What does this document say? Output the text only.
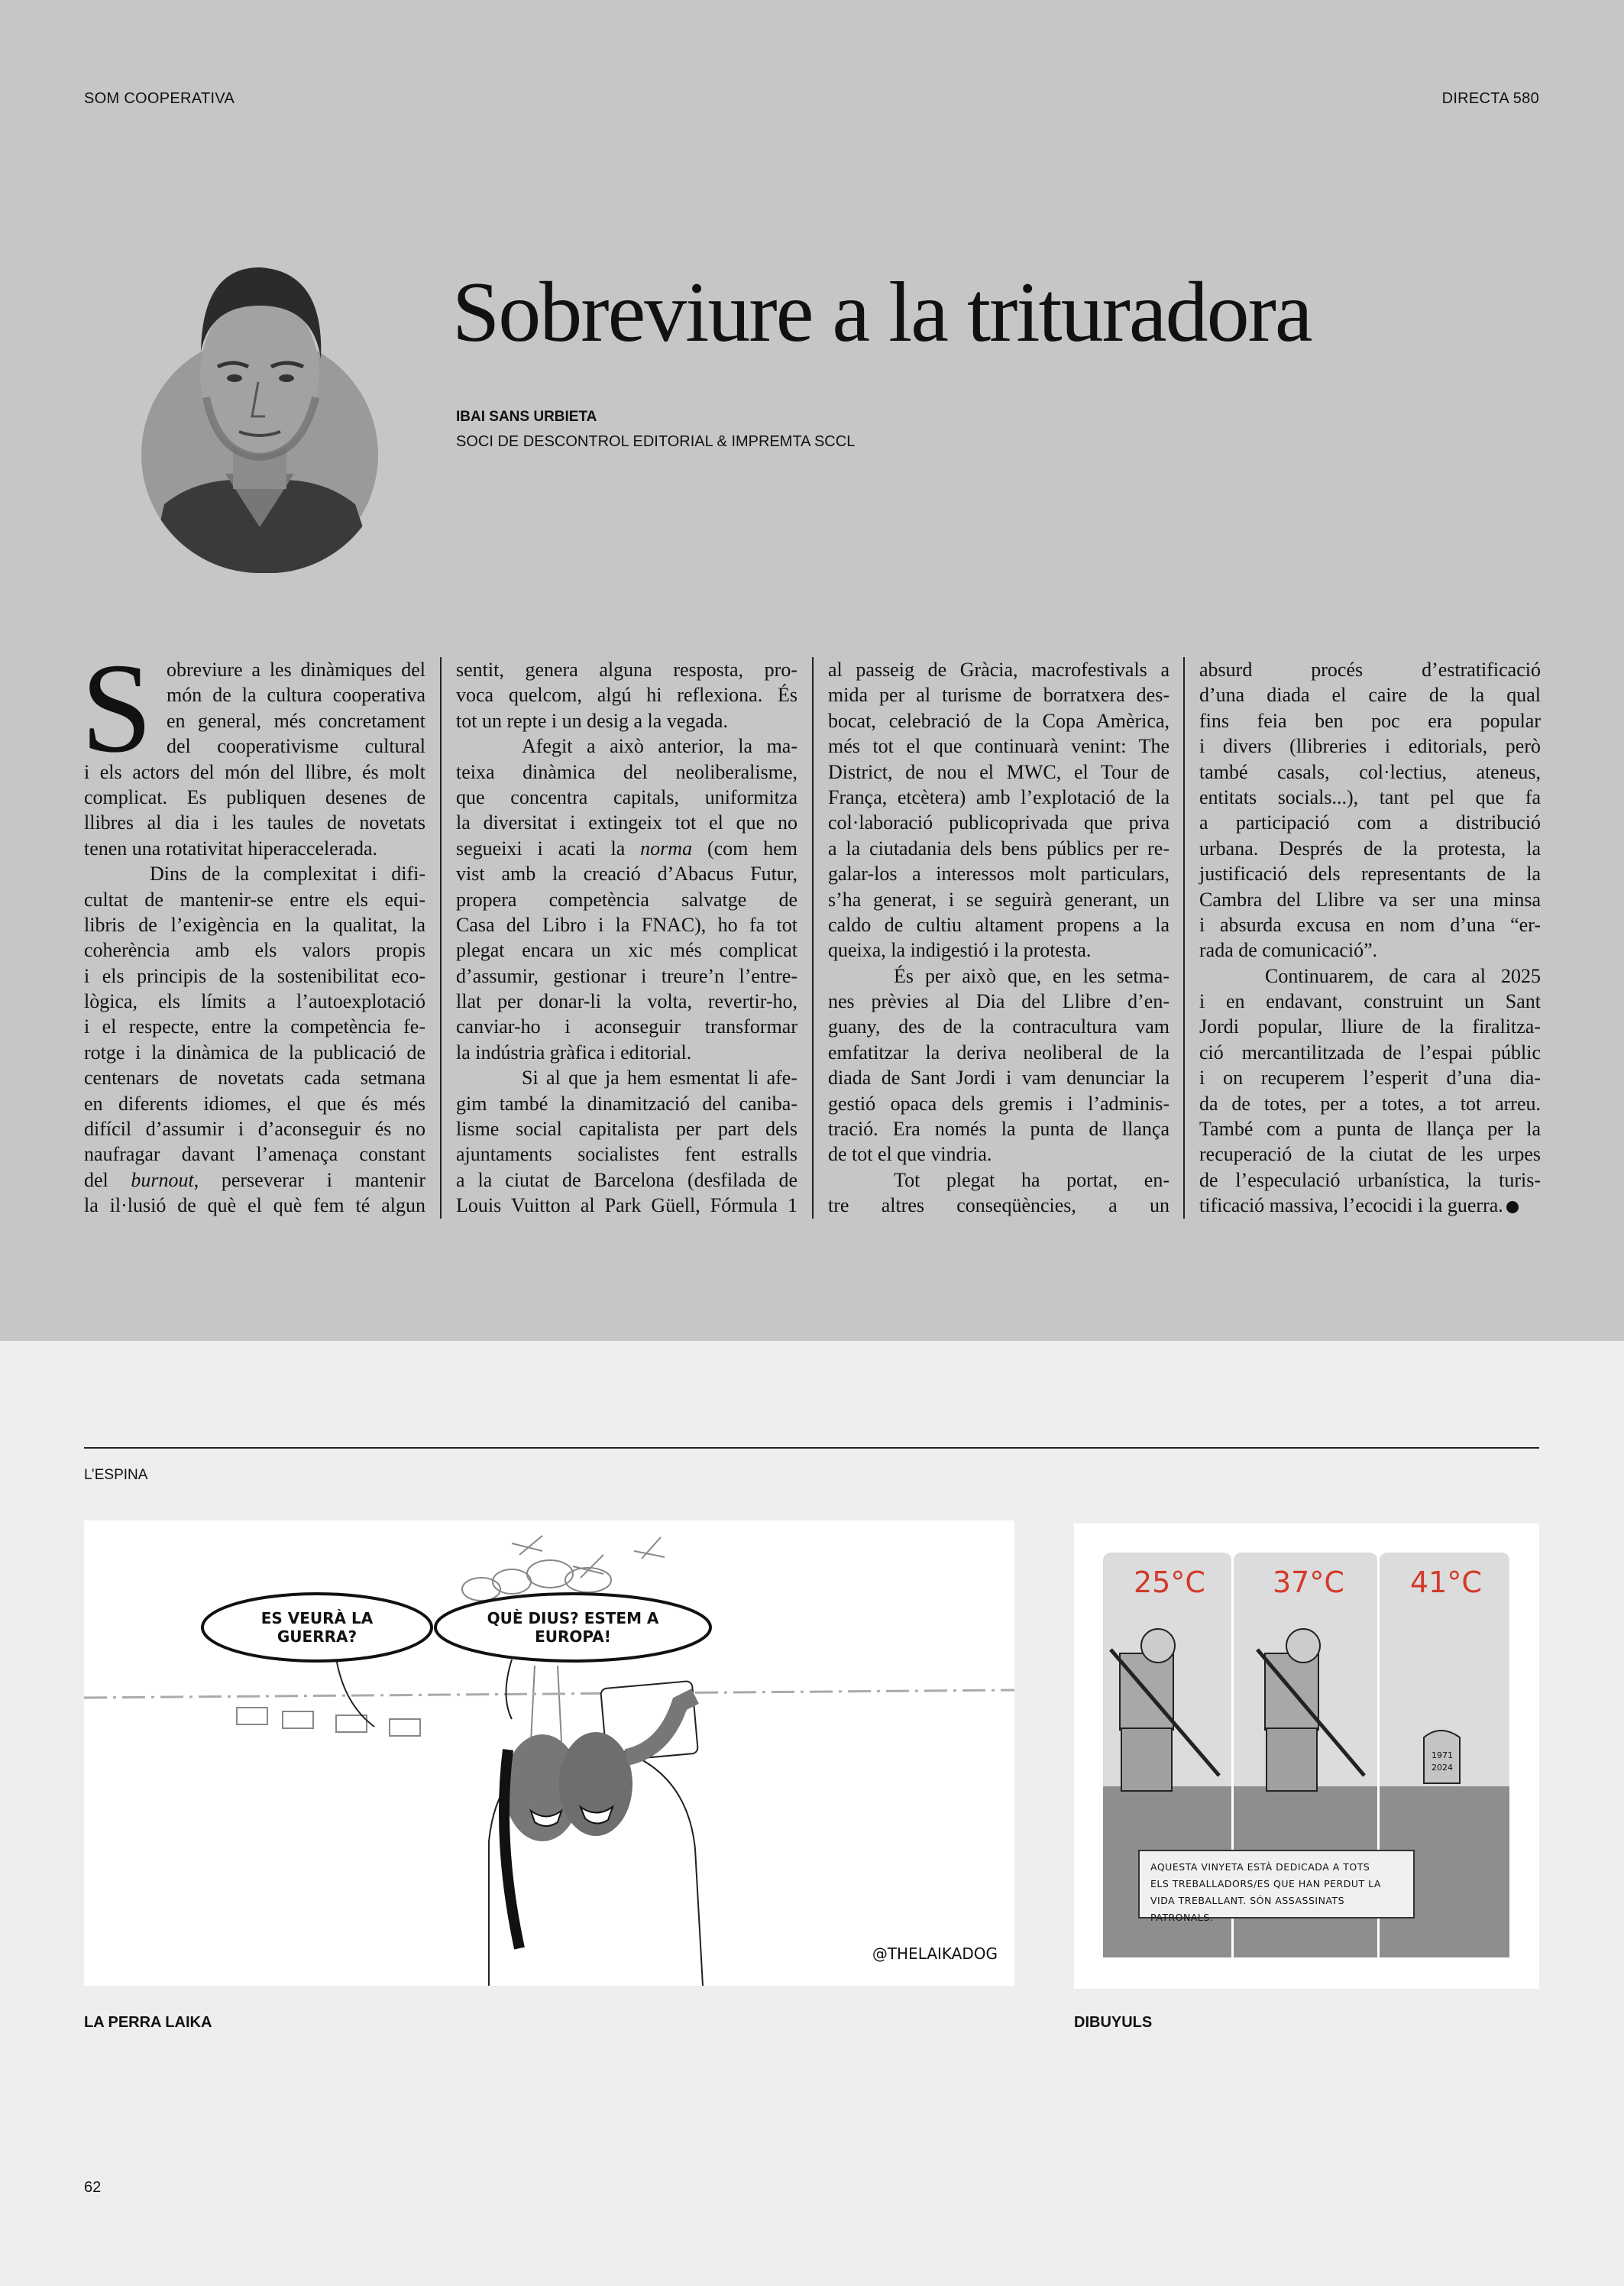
SOM COOPERATIVA	DIRECTA 580
Sobreviure a la trituradora
IBAI SANS URBIETA
SOCI DE DESCONTROL EDITORIAL & IMPREMTA SCCL
S obreviure a les dinàmiques del
món de la cultura cooperativa
en general, més concretament
del cooperativisme cultural
i els actors del món del llibre, és molt
complicat. Es publiquen desenes de
llibres al dia i les taules de novetats
tenen una rotativitat hiperaccelerada.
Dins de la complexitat i difi-
cultat de mantenir-se entre els equi-
libris de l’exigència en la qualitat, la
coherència amb els valors propis
i els principis de la sostenibilitat eco-
lògica, els límits a l’autoexplotació
i el respecte, entre la competència fe-
rotge i la dinàmica de la publicació de
centenars de novetats cada setmana
en diferents idiomes, el que és més
difícil d’assumir i d’aconseguir és no
naufragar davant l’amenaça constant
del burnout, perseverar i mantenir
la il·lusió de què el què fem té algun
sentit, genera alguna resposta, pro-
voca quelcom, algú hi reflexiona. És
tot un repte i un desig a la vegada.
Afegit a això anterior, la ma-
teixa dinàmica del neoliberalisme,
que concentra capitals, uniformitza
la diversitat i extingeix tot el que no
segueixi i acati la norma (com hem
vist amb la creació d’Abacus Futur,
propera competència salvatge de
Casa del Libro i la FNAC), ho fa tot
plegat encara un xic més complicat
d’assumir, gestionar i treure’n l’entre-
llat per donar-li la volta, revertir-ho,
canviar-ho i aconseguir transformar
la indústria gràfica i editorial.
Si al que ja hem esmentat li afe-
gim també la dinamització del caniba-
lisme social capitalista per part dels
ajuntaments socialistes fent estralls
a la ciutat de Barcelona (desfilada de
Louis Vuitton al Park Güell, Fórmula 1
al passeig de Gràcia, macrofestivals a
mida per al turisme de borratxera des-
bocat, celebració de la Copa Amèrica,
més tot el que continuarà venint: The
District, de nou el MWC, el Tour de
França, etcètera) amb l’explotació de la
col·laboració publicoprivada que priva
a la ciutadania dels bens públics per re-
galar-los a interessos molt particulars,
s’ha generat, i se seguirà generant, un
caldo de cultiu altament propens a la
queixa, la indigestió i la protesta.
És per això que, en les setma-
nes prèvies al Dia del Llibre d’en-
guany, des de la contracultura vam
emfatitzar la deriva neoliberal de la
diada de Sant Jordi i vam denunciar la
gestió opaca dels gremis i l’adminis-
tració. Era només la punta de llança
de tot el que vindria.
Tot plegat ha portat, en-
tre altres conseqüències, a un
absurd procés d’estratificació
d’una diada el caire de la qual
fins feia ben poc era popular
i divers (llibreries i editorials, però
també casals, col·lectius, ateneus,
entitats socials...), tant pel que fa
a participació com a distribució
urbana. Després de la protesta, la
justificació dels representants de la
Cambra del Llibre va ser una minsa
i absurda excusa en nom d’una “er-
rada de comunicació”.
Continuarem, de cara al 2025
i en endavant, construint un Sant
Jordi popular, lliure de la firalitza-
ció mercantilitzada de l’espai públic
i on recuperem l’esperit d’una dia-
da de totes, per a totes, a tot arreu.
També com a punta de llança per la
recuperació de la ciutat de les urpes
de l’especulació urbanística, la turis-
tificació massiva, l’ecocidi i la guerra.
L’ESPINA
ES VEURÀ LA GUERRA?
QUÈ DIUS? ESTEM A EUROPA!
@THELAIKADOG
LA PERRA LAIKA
25°C 37°C 41°C
1971
2024
AQUESTA VINYETA ESTÀ DEDICADA A TOTS
ELS TREBALLADORS/ES QUE HAN PERDUT LA
VIDA TREBALLANT. SÓN ASSASSINATS PATRONALS.
DIBUYULS
62
